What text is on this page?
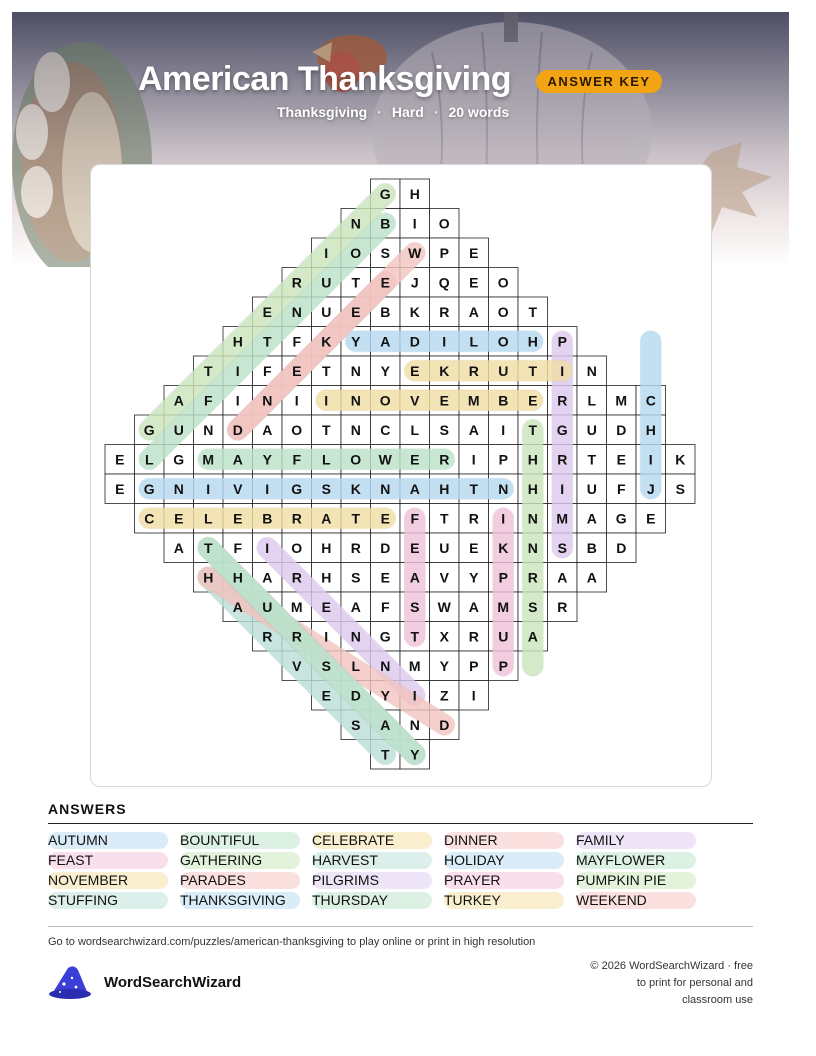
American Thanksgiving	ANSWER KEY
Thanksgiving · Hard · 20 words
G H
N B I O
I O S W P E
R U T E J Q E O
E N U E B K R A O T
H T F K Y A D I L O H P
T I F E T N Y E K R U T I N
A F I N I I N O V E M B E R L M C
G U N D A O T N C L S A I T G U D H
E L G M A Y F L O W E R I P H R T E I K
E G N I V I G S K N A H T N H I U F J S
C E L E B R A T E F T R I N M A G E
A T F I O H R D E U E K N S B D
H H A R H S E A V Y P R A A
A U M E A F S W A M S R
R R I N G T X R U A
V S L N M Y P P
E D Y I Z I
S A N D
T Y
ANSWERS
AUTUMN	BOUNTIFUL	CELEBRATE	DINNER	FAMILY
FEAST	GATHERING	HARVEST	HOLIDAY	MAYFLOWER
NOVEMBER	PARADES	PILGRIMS	PRAYER	PUMPKIN PIE
STUFFING	THANKSGIVING	THURSDAY	TURKEY	WEEKEND
Go to wordsearchwizard.com/puzzles/american-thanksgiving to play online or print in high resolution
WordSearchWizard
© 2026 WordSearchWizard · free to print for personal and classroom use
